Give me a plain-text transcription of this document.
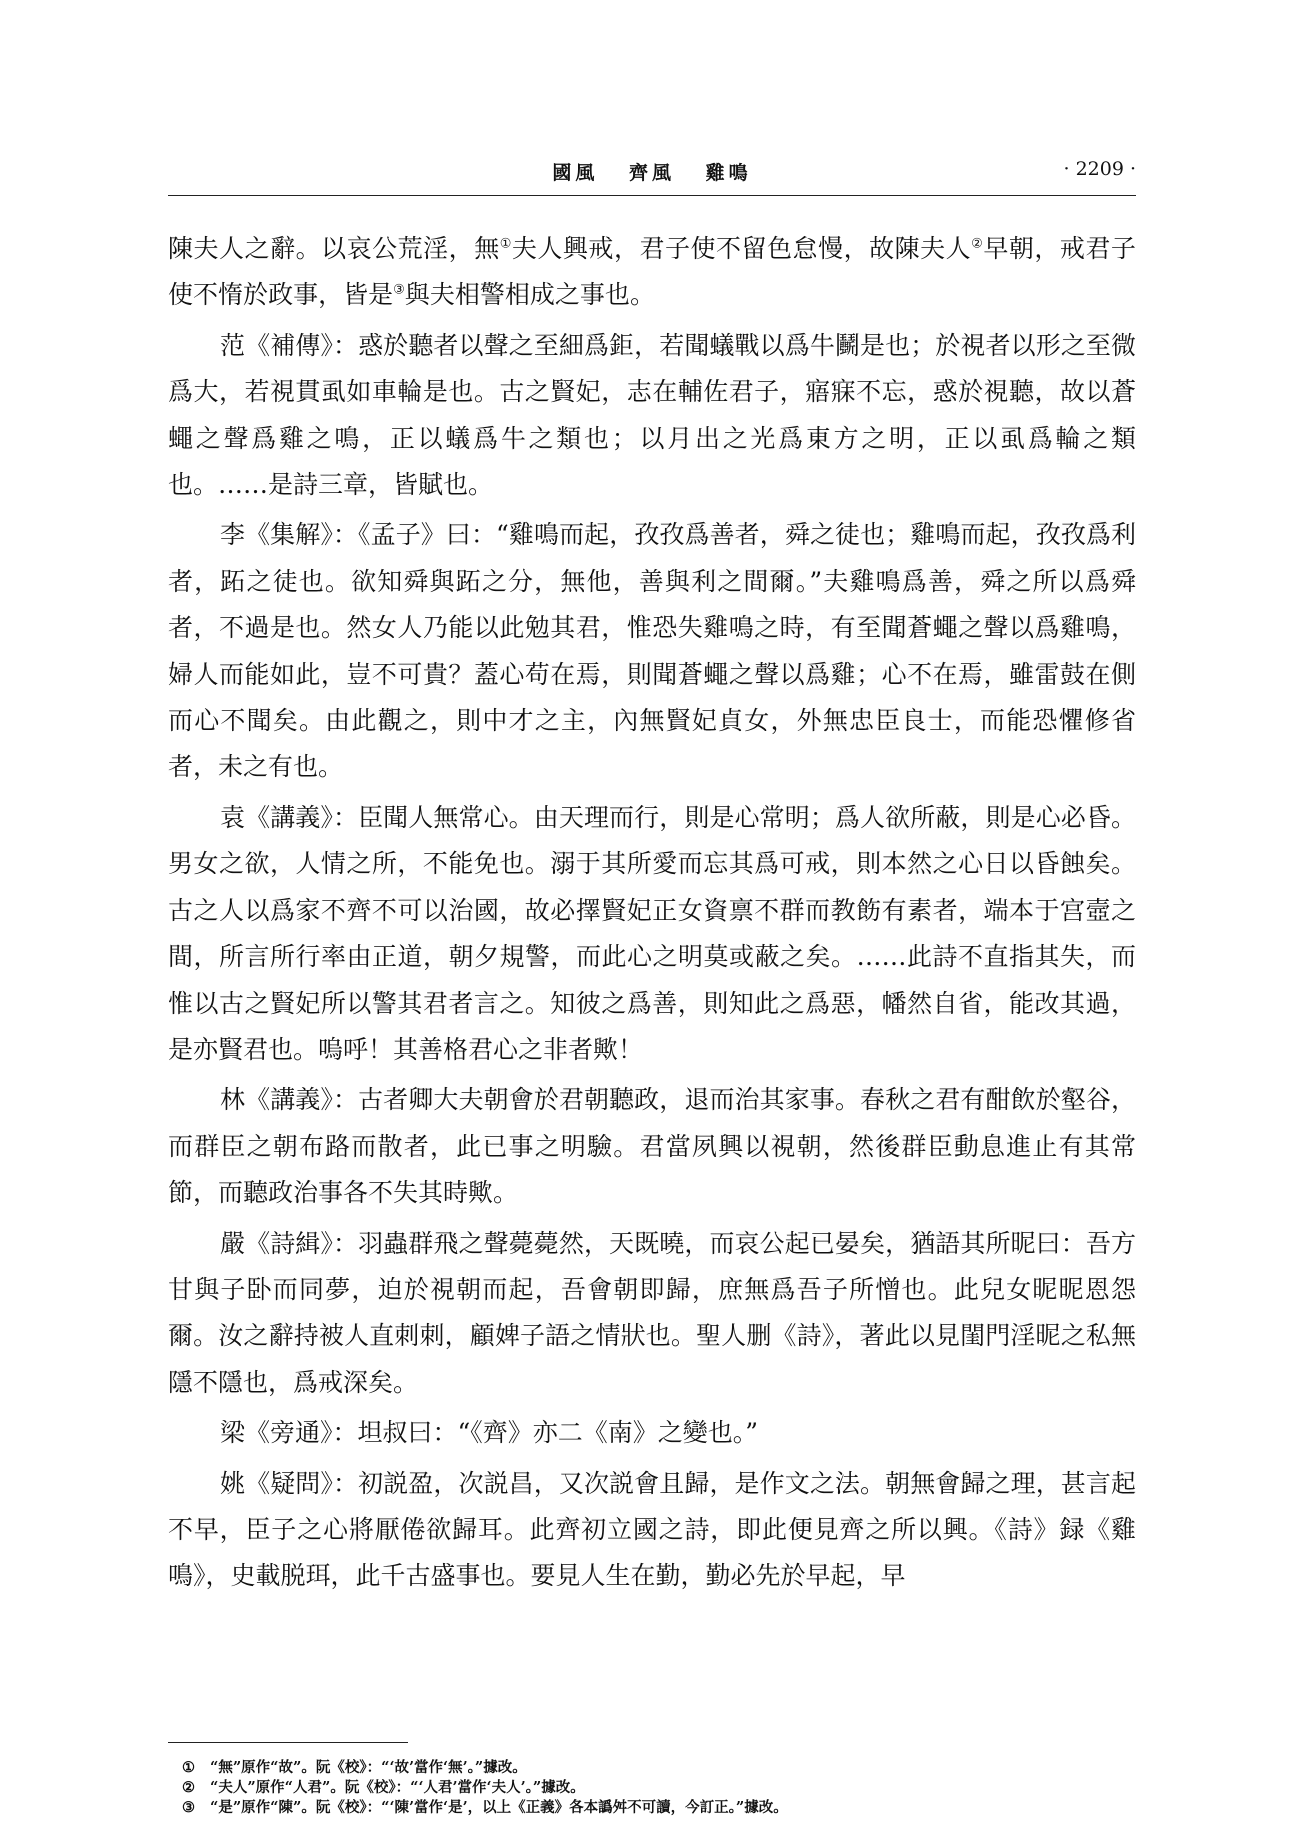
國風 齊風 雞鳴	· 2209 ·

陳夫人之辭。以哀公荒淫，無①夫人興戒，君子使不留色怠慢，故陳夫人②早朝，戒君子使不惰於政事，皆是③與夫相警相成之事也。

范《補傳》：惑於聽者以聲之至細爲鉅，若聞蟻戰以爲牛鬭是也；於視者以形之至微爲大，若視貫虱如車輪是也。古之賢妃，志在輔佐君子，寤寐不忘，惑於視聽，故以蒼蠅之聲爲雞之鳴，正以蟻爲牛之類也；以月出之光爲東方之明，正以虱爲輪之類也。……是詩三章，皆賦也。

李《集解》：《孟子》曰：“雞鳴而起，孜孜爲善者，舜之徒也；雞鳴而起，孜孜爲利者，跖之徒也。欲知舜與跖之分，無他，善與利之間爾。”夫雞鳴爲善，舜之所以爲舜者，不過是也。然女人乃能以此勉其君，惟恐失雞鳴之時，有至聞蒼蠅之聲以爲雞鳴，婦人而能如此，豈不可貴？蓋心苟在焉，則聞蒼蠅之聲以爲雞；心不在焉，雖雷鼓在側而心不聞矣。由此觀之，則中才之主，內無賢妃貞女，外無忠臣良士，而能恐懼修省者，未之有也。

袁《講義》：臣聞人無常心。由天理而行，則是心常明；爲人欲所蔽，則是心必昏。男女之欲，人情之所，不能免也。溺于其所愛而忘其爲可戒，則本然之心日以昏蝕矣。古之人以爲家不齊不可以治國，故必擇賢妃正女資禀不群而教飭有素者，端本于宫壼之間，所言所行率由正道，朝夕規警，而此心之明莫或蔽之矣。……此詩不直指其失，而惟以古之賢妃所以警其君者言之。知彼之爲善，則知此之爲惡，幡然自省，能改其過，是亦賢君也。嗚呼！其善格君心之非者歟！

林《講義》：古者卿大夫朝會於君朝聽政，退而治其家事。春秋之君有酣飲於壑谷，而群臣之朝布路而散者，此已事之明驗。君當夙興以視朝，然後群臣動息進止有其常節，而聽政治事各不失其時歟。

嚴《詩緝》：羽蟲群飛之聲薨薨然，天既曉，而哀公起已晏矣，猶語其所昵曰：吾方甘與子卧而同夢，迫於視朝而起，吾會朝即歸，庶無爲吾子所憎也。此兒女昵昵恩怨爾。汝之辭持被人直刺刺，顧婢子語之情狀也。聖人删《詩》，著此以見閨門淫昵之私無隱不隱也，爲戒深矣。

梁《旁通》：坦叔曰：“《齊》亦二《南》之變也。”

姚《疑問》：初説盈，次説昌，又次説會且歸，是作文之法。朝無會歸之理，甚言起不早，臣子之心將厭倦欲歸耳。此齊初立國之詩，即此便見齊之所以興。《詩》録《雞鳴》，史載脱珥，此千古盛事也。要見人生在勤，勤必先於早起，早

① “無”原作“故”。阮《校》：“‘故’當作‘無’。”據改。
② “夫人”原作“人君”。阮《校》：“‘人君’當作‘夫人’。”據改。
③ “是”原作“陳”。阮《校》：“‘陳’當作‘是’，以上《正義》各本譌舛不可讀，今訂正。”據改。
